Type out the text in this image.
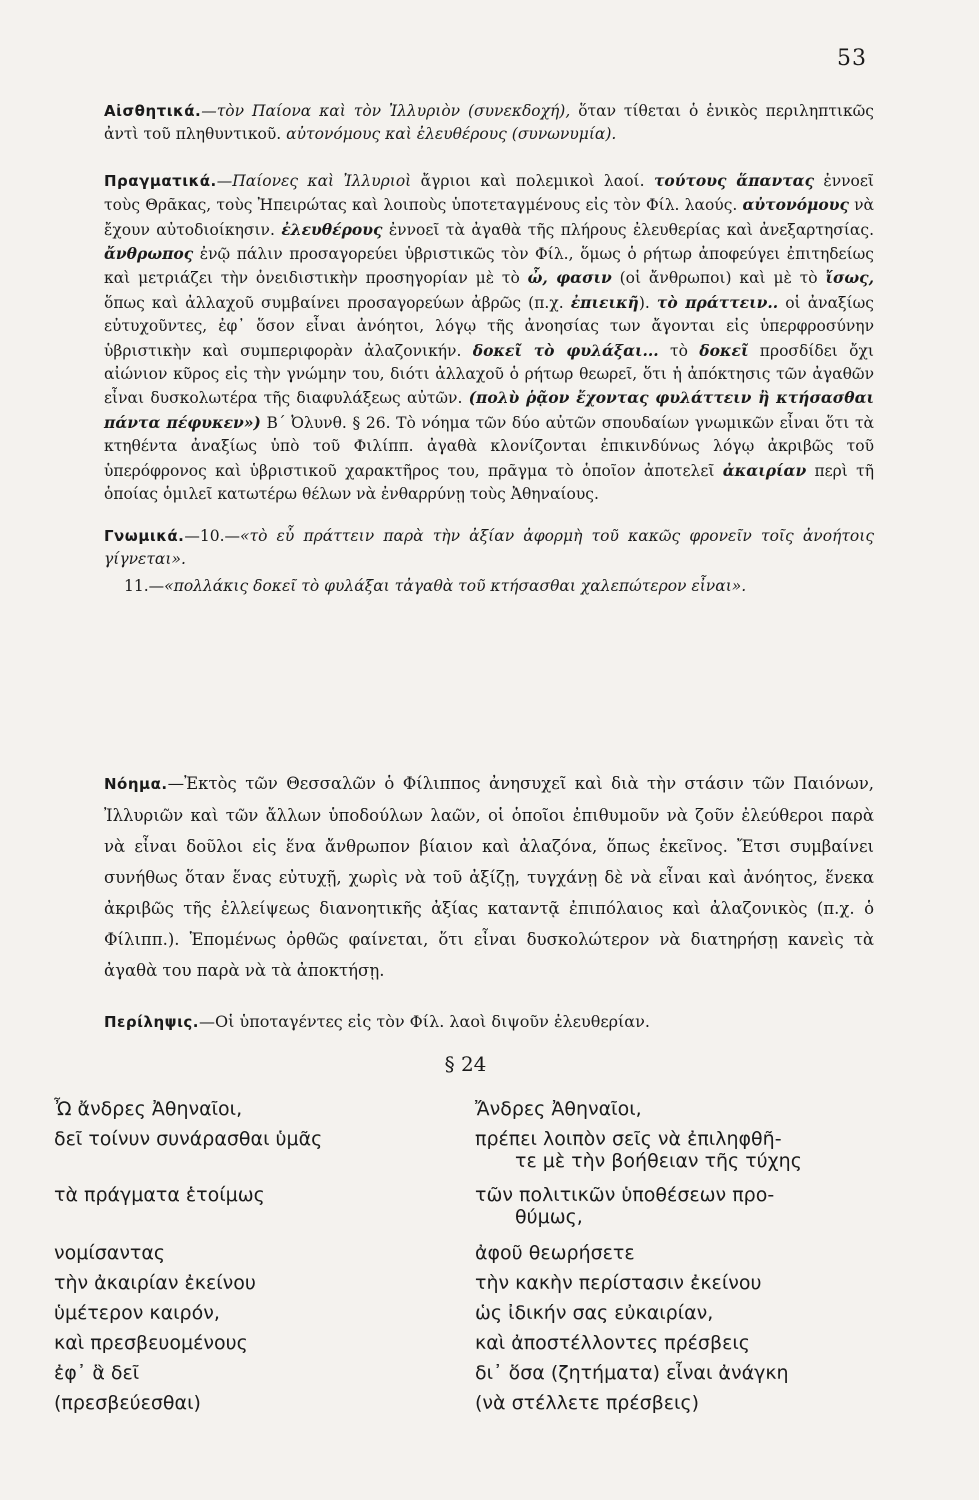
53

Αἰσθητικά.—τὸν Παίονα καὶ τὸν Ἰλλυριὸν (συνεκδοχή), ὅταν τίθεται ὁ ἑνικὸς περιληπτικῶς ἀντὶ τοῦ πληθυντικοῦ. αὐτονόμους καὶ ἐλευθέρους (συνωνυμία).

Πραγματικά.—Παίονες καὶ Ἰλλυριοὶ ἄγριοι καὶ πολεμικοὶ λαοί. τούτους ἅπαντας ἐννοεῖ τοὺς Θρᾶκας, τοὺς Ἠπειρώτας καὶ λοιποὺς ὑποτεταγμένους εἰς τὸν Φίλ. λαούς. αὐτονόμους νὰ ἔχουν αὐτοδιοίκησιν. ἐλευθέρους ἐννοεῖ τὰ ἀγαθὰ τῆς πλήρους ἐλευθερίας καὶ ἀνεξαρτησίας. ἄνθρωπος ἐνῷ πάλιν προσαγορεύει ὑβριστικῶς τὸν Φίλ., ὅμως ὁ ρήτωρ ἀποφεύγει ἐπιτηδείως καὶ μετριάζει τὴν ὀνειδιστικὴν προσηγορίαν μὲ τὸ ὦ, φασιν (οἱ ἄνθρωποι) καὶ μὲ τὸ ἴσως, ὅπως καὶ ἀλλαχοῦ συμβαίνει προσαγορεύων ἀβρῶς (π.χ. ἐπιεικῆ). τὸ πράττειν.. οἱ ἀναξίως εὐτυχοῦντες, ἐφ᾽ ὅσον εἶναι ἀνόητοι, λόγῳ τῆς ἀνοησίας των ἄγονται εἰς ὑπερφροσύνην ὑβριστικὴν καὶ συμπεριφορὰν ἀλαζονικήν. δοκεῖ τὸ φυλάξαι... τὸ δοκεῖ προσδίδει ὄχι αἰώνιον κῦρος εἰς τὴν γνώμην του, διότι ἀλλαχοῦ ὁ ρήτωρ θεωρεῖ, ὅτι ἡ ἀπόκτησις τῶν ἀγαθῶν εἶναι δυσκολωτέρα τῆς διαφυλάξεως αὐτῶν. (πολὺ ῥᾷον ἔχοντας φυλάττειν ἢ κτήσασθαι πάντα πέφυκεν») Β΄ Ὀλυνθ. § 26. Τὸ νόημα τῶν δύο αὐτῶν σπουδαίων γνωμικῶν εἶναι ὅτι τὰ κτηθέντα ἀναξίως ὑπὸ τοῦ Φιλίππ. ἀγαθὰ κλονίζονται ἐπικινδύνως λόγῳ ἀκριβῶς τοῦ ὑπερόφρονος καὶ ὑβριστικοῦ χαρακτῆρος του, πρᾶγμα τὸ ὁποῖον ἀποτελεῖ ἀκαιρίαν περὶ τῆ ὁποίας ὁμιλεῖ κατωτέρω θέλων νὰ ἐνθαρρύνῃ τοὺς Ἀθηναίους.

Γνωμικά.—10.—«τὸ εὖ πράττειν παρὰ τὴν ἀξίαν ἀφορμὴ τοῦ κακῶς φρονεῖν τοῖς ἀνοήτοις γίγνεται».

11.—«πολλάκις δοκεῖ τὸ φυλάξαι τἀγαθὰ τοῦ κτήσασθαι χαλεπώτερον εἶναι».

Νόημα.—Ἐκτὸς τῶν Θεσσαλῶν ὁ Φίλιππος ἀνησυχεῖ καὶ διὰ τὴν στάσιν τῶν Παιόνων, Ἰλλυριῶν καὶ τῶν ἄλλων ὑποδούλων λαῶν, οἱ ὁποῖοι ἐπιθυμοῦν νὰ ζοῦν ἐλεύθεροι παρὰ νὰ εἶναι δοῦλοι εἰς ἕνα ἄνθρωπον βίαιον καὶ ἀλαζόνα, ὅπως ἐκεῖνος. Ἔτσι συμβαίνει συνήθως ὅταν ἕνας εὐτυχῇ, χωρὶς νὰ τοῦ ἀξίζῃ, τυγχάνῃ δὲ νὰ εἶναι καὶ ἀνόητος, ἕνεκα ἀκριβῶς τῆς ἐλλείψεως διανοητικῆς ἀξίας καταντᾷ ἐπιπόλαιος καὶ ἀλαζονικὸς (π.χ. ὁ Φίλιππ.). Ἑπομένως ὀρθῶς φαίνεται, ὅτι εἶναι δυσκολώτερον νὰ διατηρήσῃ κανεὶς τὰ ἀγαθὰ του παρὰ νὰ τὰ ἀποκτήσῃ.
Περίληψις.—Οἱ ὑποταγέντες εἰς τὸν Φίλ. λαοὶ διψοῦν ἐλευθερίαν.
§ 24
Ὦ ἄνδρες Ἀθηναῖοι,	Ἄνδρες Ἀθηναῖοι,
δεῖ τοίνυν συνάρασθαι ὑμᾶς	πρέπει λοιπὸν σεῖς νὰ ἐπιληφθῆ-
τε μὲ τὴν βοήθειαν τῆς τύχης
τὰ πράγματα ἑτοίμως	τῶν πολιτικῶν ὑποθέσεων προ-
θύμως,
νομίσαντας	ἀφοῦ θεωρήσετε
τὴν ἀκαιρίαν ἐκείνου	τὴν κακὴν περίστασιν ἐκείνου
ὑμέτερον καιρόν,	ὡς ἰδικήν σας εὐκαιρίαν,
καὶ πρεσβευομένους	καὶ ἀποστέλλοντες πρέσβεις
ἐφ᾽ ἃ δεῖ	δι᾽ ὅσα (ζητήματα) εἶναι ἀνάγκη
(πρεσβεύεσθαι)	(νὰ στέλλετε πρέσβεις)
